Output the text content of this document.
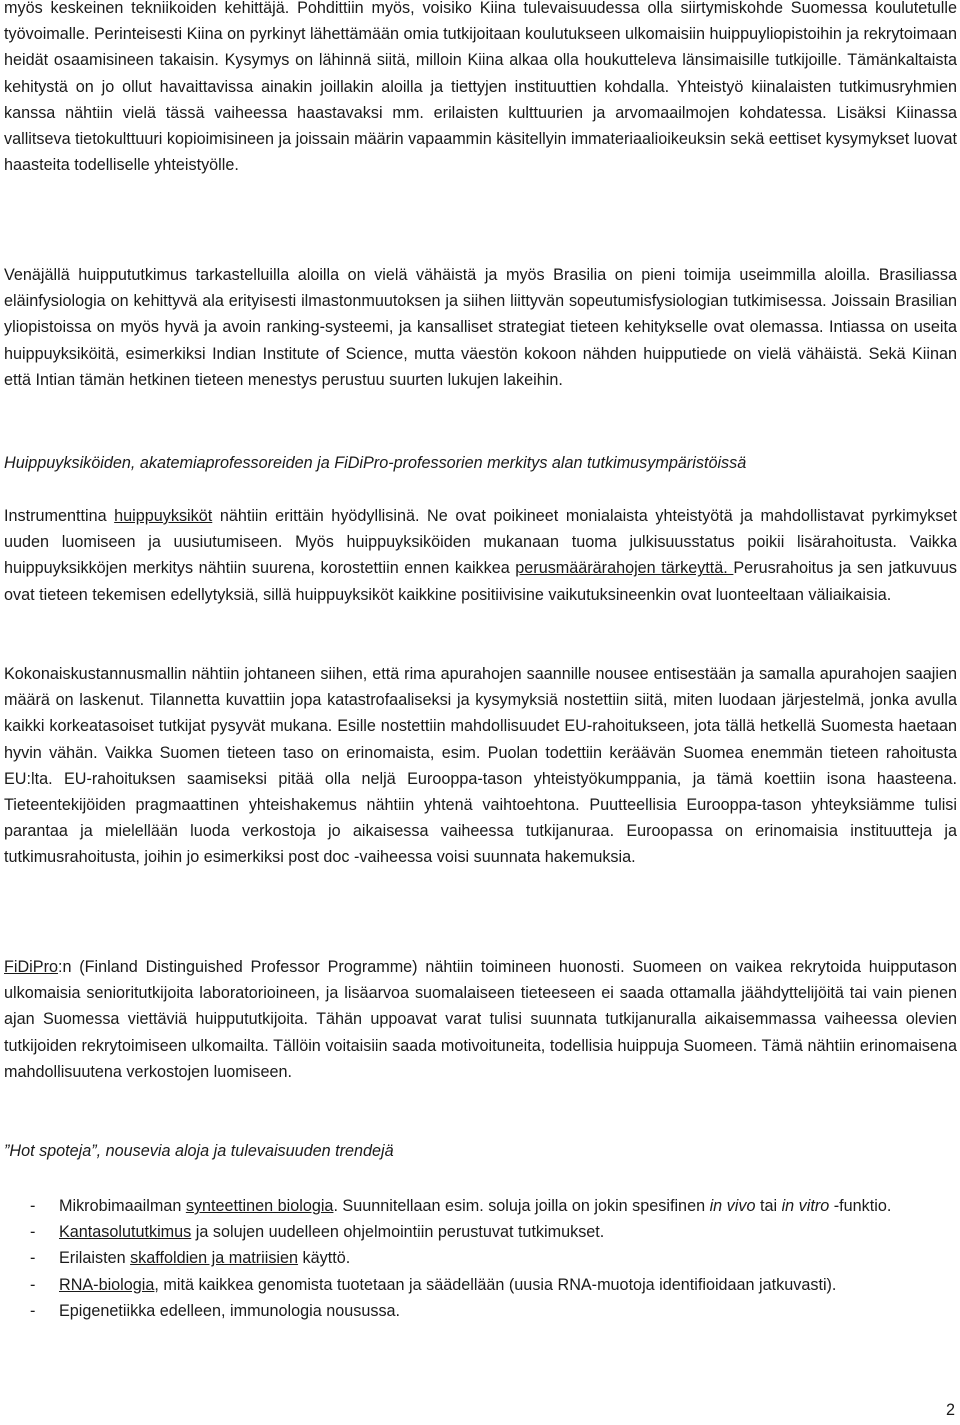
myös keskeinen tekniikoiden kehittäjä. Pohdittiin myös, voisiko Kiina tulevaisuudessa olla siirtymiskohde Suomessa koulutetulle työvoimalle. Perinteisesti Kiina on pyrkinyt lähettämään omia tutkijoitaan koulutukseen ulkomaisiin huippuyliopistoihin ja rekrytoimaan heidät osaamisineen takaisin. Kysymys on lähinnä siitä, milloin Kiina alkaa olla houkutteleva länsimaisille tutkijoille. Tämänkaltaista kehitystä on jo ollut havaittavissa ainakin joillakin aloilla ja tiettyjen instituuttien kohdalla. Yhteistyö kiinalaisten tutkimusryhmien kanssa nähtiin vielä tässä vaiheessa haastavaksi mm. erilaisten kulttuurien ja arvomaailmojen kohdatessa. Lisäksi Kiinassa vallitseva tietokulttuuri kopioimisineen ja joissain määrin vapaammin käsitellyin immateriaalioikeuksin sekä eettiset kysymykset luovat haasteita todelliselle yhteistyölle.

Venäjällä huippututkimus tarkastelluilla aloilla on vielä vähäistä ja myös Brasilia on pieni toimija useimmilla aloilla. Brasiliassa eläinfysiologia on kehittyvä ala erityisesti ilmastonmuutoksen ja siihen liittyvän sopeutumisfysiologian tutkimisessa. Joissain Brasilian yliopistoissa on myös hyvä ja avoin ranking-systeemi, ja kansalliset strategiat tieteen kehitykselle ovat olemassa. Intiassa on useita huippuyksiköitä, esimerkiksi Indian Institute of Science, mutta väestön kokoon nähden huipputiede on vielä vähäistä. Sekä Kiinan että Intian tämän hetkinen tieteen menestys perustuu suurten lukujen lakeihin.

Huippuyksiköiden, akatemiaprofessoreiden ja FiDiPro-professorien merkitys alan tutkimusympäristöissä

Instrumenttina huippuyksiköt nähtiin erittäin hyödyllisinä. Ne ovat poikineet monialaista yhteistyötä ja mahdollistavat pyrkimykset uuden luomiseen ja uusiutumiseen. Myös huippuyksiköiden mukanaan tuoma julkisuusstatus poikii lisärahoitusta. Vaikka huippuyksikköjen merkitys nähtiin suurena, korostettiin ennen kaikkea perusmäärärahojen tärkeyttä. Perusrahoitus ja sen jatkuvuus ovat tieteen tekemisen edellytyksiä, sillä huippuyksiköt kaikkine positiivisine vaikutuksineenkin ovat luonteeltaan väliaikaisia.

Kokonaiskustannusmallin nähtiin johtaneen siihen, että rima apurahojen saannille nousee entisestään ja samalla apurahojen saajien määrä on laskenut. Tilannetta kuvattiin jopa katastrofaaliseksi ja kysymyksiä nostettiin siitä, miten luodaan järjestelmä, jonka avulla kaikki korkeatasoiset tutkijat pysyvät mukana. Esille nostettiin mahdollisuudet EU-rahoitukseen, jota tällä hetkellä Suomesta haetaan hyvin vähän. Vaikka Suomen tieteen taso on erinomaista, esim. Puolan todettiin keräävän Suomea enemmän tieteen rahoitusta EU:lta. EU-rahoituksen saamiseksi pitää olla neljä Eurooppa-tason yhteistyökumppania, ja tämä koettiin isona haasteena. Tieteentekijöiden pragmaattinen yhteishakemus nähtiin yhtenä vaihtoehtona. Puutteellisia Eurooppa-tason yhteyksiämme tulisi parantaa ja mielellään luoda verkostoja jo aikaisessa vaiheessa tutkijanuraa. Euroopassa on erinomaisia instituutteja ja tutkimusrahoitusta, joihin jo esimerkiksi post doc -vaiheessa voisi suunnata hakemuksia.

FiDiPro:n (Finland Distinguished Professor Programme) nähtiin toimineen huonosti. Suomeen on vaikea rekrytoida huipputason ulkomaisia senioritutkijoita laboratorioineen, ja lisäarvoa suomalaiseen tieteeseen ei saada ottamalla jäähdyttelijöitä tai vain pienen ajan Suomessa viettäviä huippututkijoita. Tähän uppoavat varat tulisi suunnata tutkijanuralla aikaisemmassa vaiheessa olevien tutkijoiden rekrytoimiseen ulkomailta. Tällöin voitaisiin saada motivoituneita, todellisia huippuja Suomeen. Tämä nähtiin erinomaisena mahdollisuutena verkostojen luomiseen.

”Hot spoteja”, nousevia aloja ja tulevaisuuden trendejä

- Mikrobimaailman synteettinen biologia. Suunnitellaan esim. soluja joilla on jokin spesifinen in vivo tai in vitro -funktio.
- Kantasolututkimus ja solujen uudelleen ohjelmointiin perustuvat tutkimukset.
- Erilaisten skaffoldien ja matriisien käyttö.
- RNA-biologia, mitä kaikkea genomista tuotetaan ja säädellään (uusia RNA-muotoja identifioidaan jatkuvasti).
- Epigenetiikka edelleen, immunologia nousussa.
2
